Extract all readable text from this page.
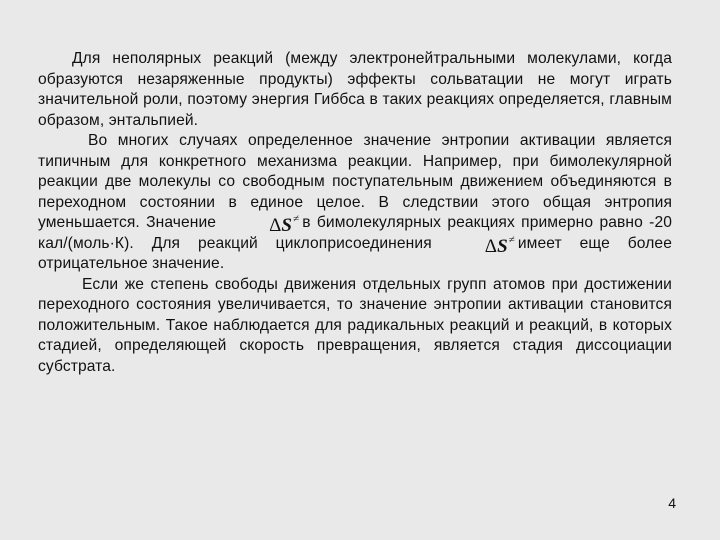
Для неполярных реакций (между электронейтральными молекулами, когда образуются незаряженные продукты) эффекты сольватации не могут играть значительной роли, поэтому энергия Гиббса в таких реакциях определяется, главным образом, энтальпией.

Во многих случаях определенное значение энтропии активации является типичным для конкретного механизма реакции. Например, при бимолекулярной реакции две молекулы со свободным поступательным движением объединяются в переходном состоянии в единое целое. В следствии этого общая энтропия уменьшается. Значение	ΔS≠ в бимолекулярных реакциях примерно равно -20 кал/(моль·К). Для реакций циклоприсоединения	ΔS≠ имеет еще более отрицательное значение.

Если же степень свободы движения отдельных групп атомов при достижении переходного состояния увеличивается, то значение энтропии активации становится положительным. Такое наблюдается для радикальных реакций и реакций, в которых стадией, определяющей скорость превращения, является стадия диссоциации субстрата.

4
